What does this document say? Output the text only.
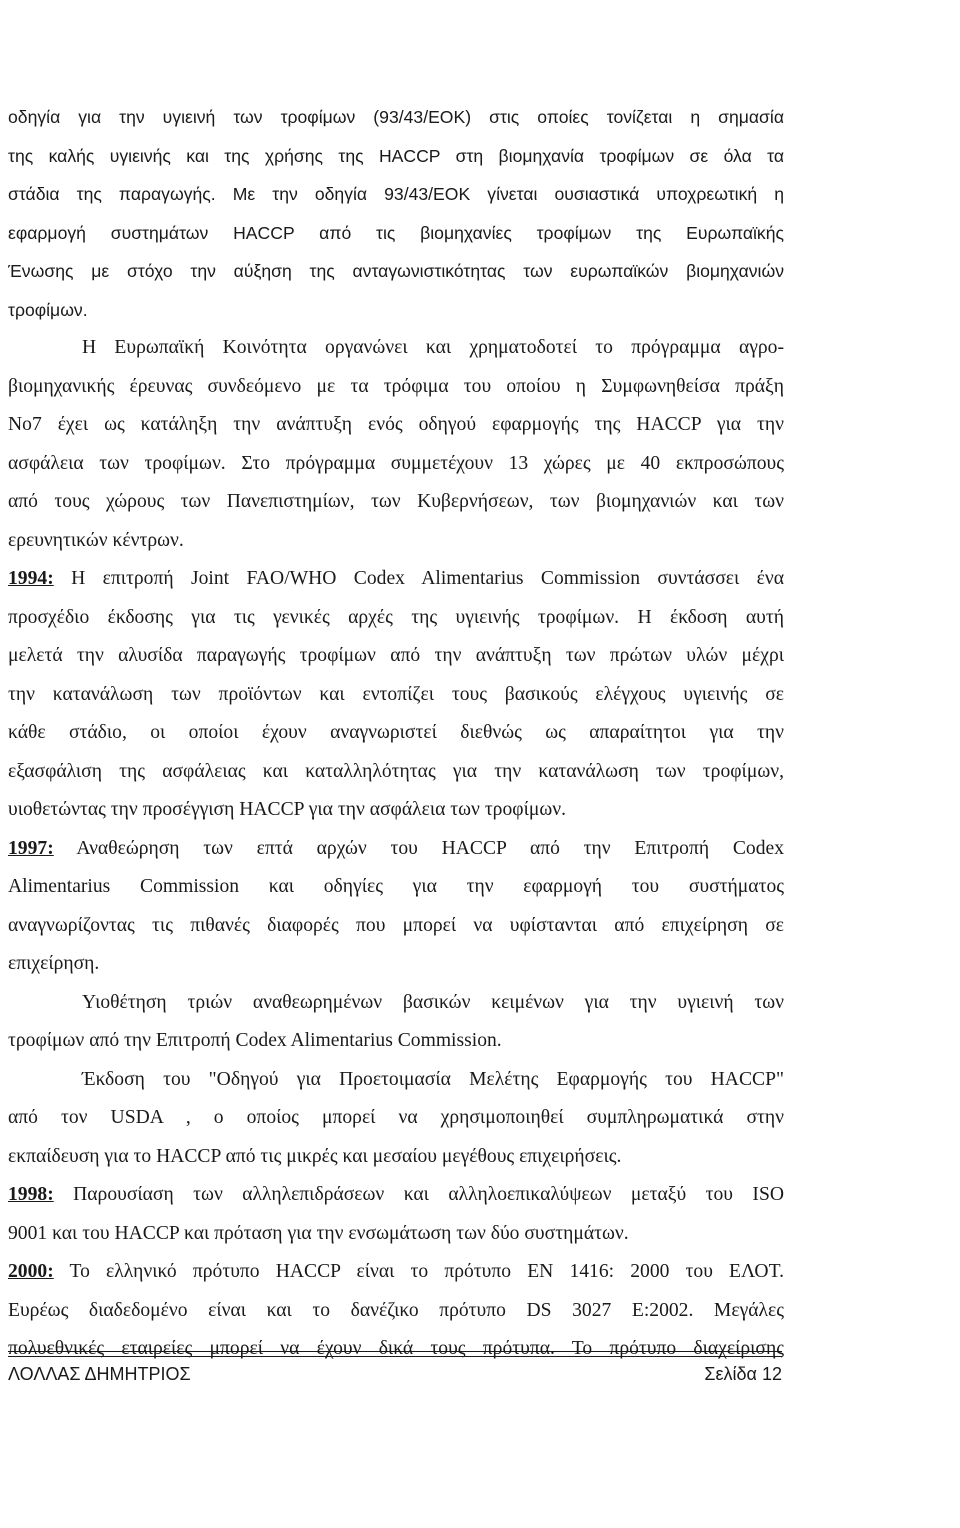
οδηγία για την υγιεινή των τροφίμων (93/43/ΕΟΚ) στις οποίες τονίζεται η σημασία
της καλής υγιεινής και της χρήσης της HACCP στη βιομηχανία τροφίμων σε όλα τα
στάδια της παραγωγής. Με την οδηγία 93/43/ΕΟΚ γίνεται ουσιαστικά υποχρεωτική η
εφαρμογή συστημάτων HACCP από τις βιομηχανίες τροφίμων της Ευρωπαϊκής
Ένωσης με στόχο την αύξηση της ανταγωνιστικότητας των ευρωπαϊκών βιομηχανιών
τροφίμων.
Η Ευρωπαϊκή Κοινότητα οργανώνει και χρηματοδοτεί το πρόγραμμα αγρο-
βιομηχανικής έρευνας συνδεόμενο με τα τρόφιμα του οποίου η Συμφωνηθείσα πράξη
No7 έχει ως κατάληξη την ανάπτυξη ενός οδηγού εφαρμογής της HACCP για την
ασφάλεια των τροφίμων. Στο πρόγραμμα συμμετέχουν 13 χώρες με 40 εκπροσώπους
από τους χώρους των Πανεπιστημίων, των Κυβερνήσεων, των βιομηχανιών και των
ερευνητικών κέντρων.
1994: Η επιτροπή Joint FAO/WHO Codex Alimentarius Commission συντάσσει ένα
προσχέδιο έκδοσης για τις γενικές αρχές της υγιεινής τροφίμων. Η έκδοση αυτή
μελετά την αλυσίδα παραγωγής τροφίμων από την ανάπτυξη των πρώτων υλών μέχρι
την κατανάλωση των προϊόντων και εντοπίζει τους βασικούς ελέγχους υγιεινής σε
κάθε στάδιο, οι οποίοι έχουν αναγνωριστεί διεθνώς ως απαραίτητοι για την
εξασφάλιση της ασφάλειας και καταλληλότητας για την κατανάλωση των τροφίμων,
υιοθετώντας την προσέγγιση HACCP για την ασφάλεια των τροφίμων.
1997: Αναθεώρηση των επτά αρχών του HACCP από την Επιτροπή Codex
Alimentarius Commission και οδηγίες για την εφαρμογή του συστήματος
αναγνωρίζοντας τις πιθανές διαφορές που μπορεί να υφίστανται από επιχείρηση σε
επιχείρηση.
Υιοθέτηση τριών αναθεωρημένων βασικών κειμένων για την υγιεινή των
τροφίμων από την Επιτροπή Codex Alimentarius Commission.
Έκδοση του "Οδηγού για Προετοιμασία Μελέτης Εφαρμογής του HACCP"
από τον USDA , ο οποίος μπορεί να χρησιμοποιηθεί συμπληρωματικά στην
εκπαίδευση για το HACCP από τις μικρές και μεσαίου μεγέθους επιχειρήσεις.
1998: Παρουσίαση των αλληλεπιδράσεων και αλληλοεπικαλύψεων μεταξύ του ISO
9001 και του HACCP και πρόταση για την ενσωμάτωση των δύο συστημάτων.
2000: Το ελληνικό πρότυπο HACCP είναι το πρότυπο ΕΝ 1416: 2000 του ΕΛΟΤ.
Ευρέως διαδεδομένο είναι και το δανέζικο πρότυπο DS 3027 E:2002. Μεγάλες
πολυεθνικές εταιρείες μπορεί να έχουν δικά τους πρότυπα. Το πρότυπο διαχείρισης
ΛΟΛΛΑΣ ΔΗΜΗΤΡΙΟΣ	Σελίδα 12
